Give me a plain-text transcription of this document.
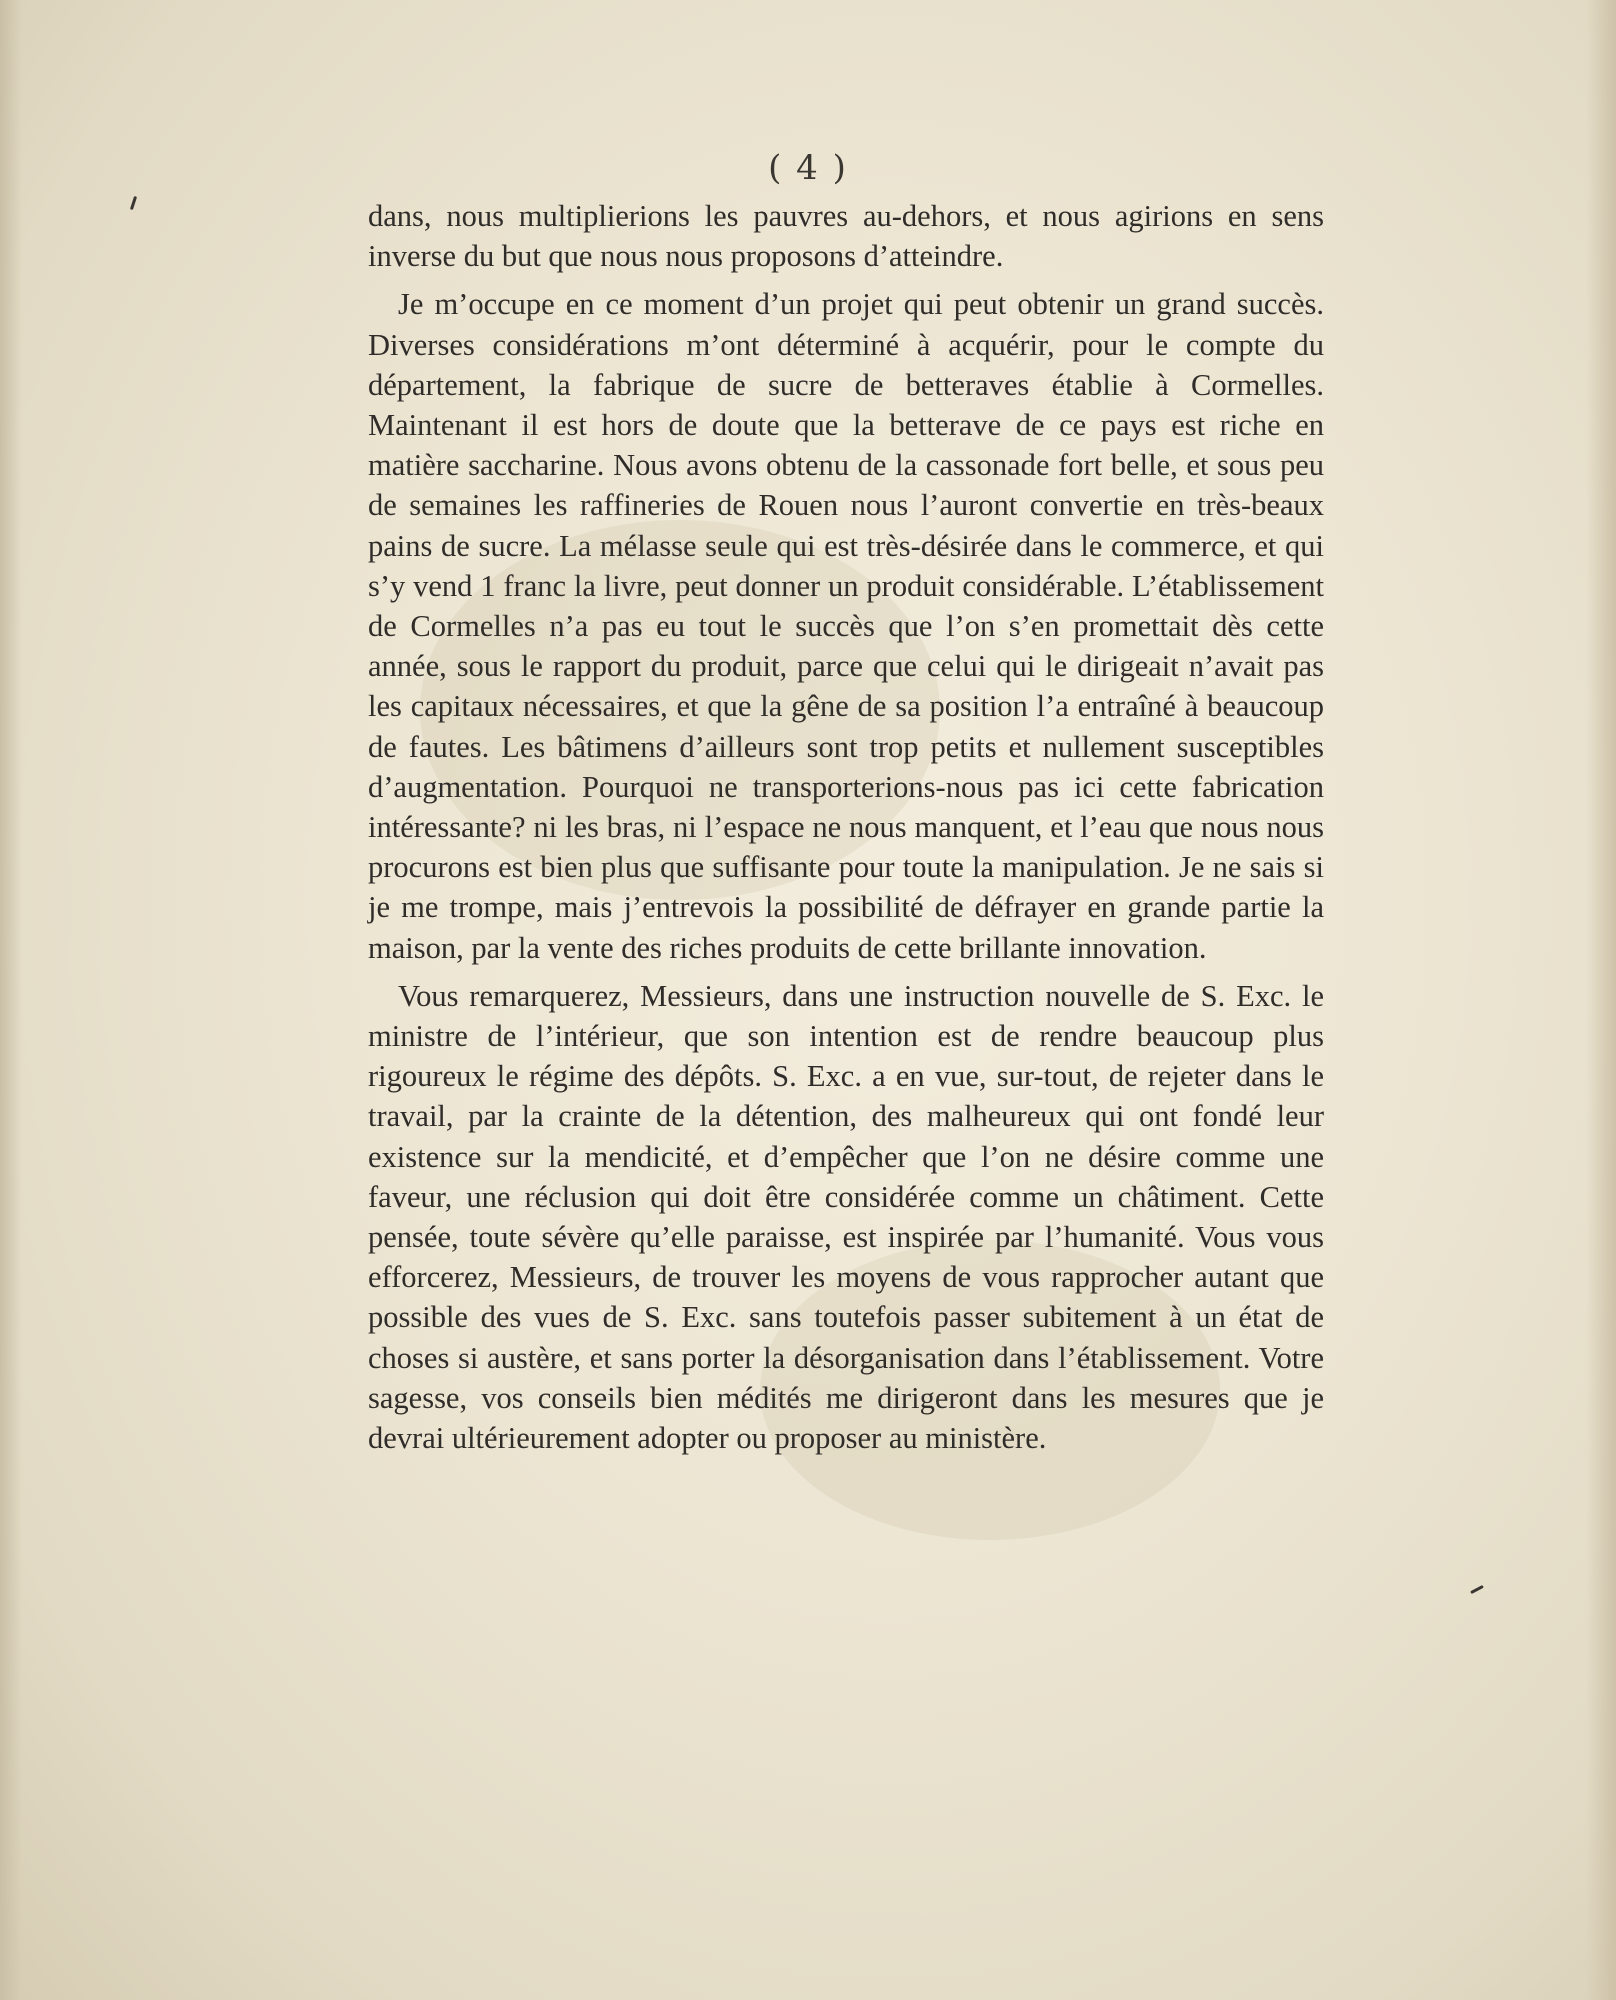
( 4 )

dans, nous multiplierions les pauvres au-dehors, et nous agirions en sens inverse du but que nous nous proposons d’atteindre.

Je m’occupe en ce moment d’un projet qui peut obtenir un grand succès. Diverses considérations m’ont déterminé à acquérir, pour le compte du département, la fabrique de sucre de betteraves établie à Cormelles. Maintenant il est hors de doute que la betterave de ce pays est riche en matière saccharine. Nous avons obtenu de la cassonade fort belle, et sous peu de semaines les raffineries de Rouen nous l’auront convertie en très-beaux pains de sucre. La mélasse seule qui est très-désirée dans le commerce, et qui s’y vend 1 franc la livre, peut donner un produit considérable. L’établissement de Cormelles n’a pas eu tout le succès que l’on s’en promettait dès cette année, sous le rapport du produit, parce que celui qui le dirigeait n’avait pas les capitaux nécessaires, et que la gêne de sa position l’a entraîné à beaucoup de fautes. Les bâtimens d’ailleurs sont trop petits et nullement susceptibles d’augmentation. Pourquoi ne transporterions-nous pas ici cette fabrication intéressante? ni les bras, ni l’espace ne nous manquent, et l’eau que nous nous procurons est bien plus que suffisante pour toute la manipulation. Je ne sais si je me trompe, mais j’entrevois la possibilité de défrayer en grande partie la maison, par la vente des riches produits de cette brillante innovation.

Vous remarquerez, Messieurs, dans une instruction nouvelle de S. Exc. le ministre de l’intérieur, que son intention est de rendre beaucoup plus rigoureux le régime des dépôts. S. Exc. a en vue, sur-tout, de rejeter dans le travail, par la crainte de la détention, des malheureux qui ont fondé leur existence sur la mendicité, et d’empêcher que l’on ne désire comme une faveur, une réclusion qui doit être considérée comme un châtiment. Cette pensée, toute sévère qu’elle paraisse, est inspirée par l’humanité. Vous vous efforcerez, Messieurs, de trouver les moyens de vous rapprocher autant que possible des vues de S. Exc. sans toutefois passer subitement à un état de choses si austère, et sans porter la désorganisation dans l’établissement. Votre sagesse, vos conseils bien médités me dirigeront dans les mesures que je devrai ultérieurement adopter ou proposer au ministère.
